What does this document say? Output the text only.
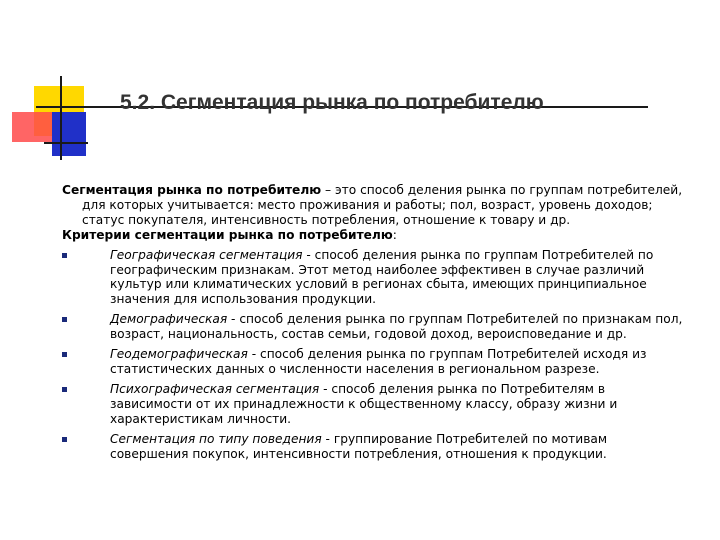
5.2. Сегментация рынка по потребителю

Сегментация рынка по потребителю – это способ деления рынка по группам потребителей, для которых учитывается: место проживания и работы; пол, возраст, уровень доходов; статус покупателя, интенсивность потребления, отношение к товару и др.

Критерии сегментации рынка по потребителю:

Географическая сегментация - способ деления рынка по группам Потребителей по географическим признакам. Этот метод наиболее эффективен в случае различий культур или климатических условий в регионах сбыта, имеющих принципиальное значения для использования продукции.
Демографическая - способ деления рынка по группам Потребителей по признакам пол, возраст, национальность, состав семьи, годовой доход, вероисповедание и др.
Геодемографическая - способ деления рынка по группам Потребителей исходя из статистических данных о численности населения в региональном разрезе.
Психографическая сегментация - способ деления рынка по Потребителям в зависимости от их принадлежности к общественному классу, образу жизни и характеристикам личности.
Сегментация по типу поведения - группирование Потребителей по мотивам совершения покупок, интенсивности потребления, отношения к продукции.
